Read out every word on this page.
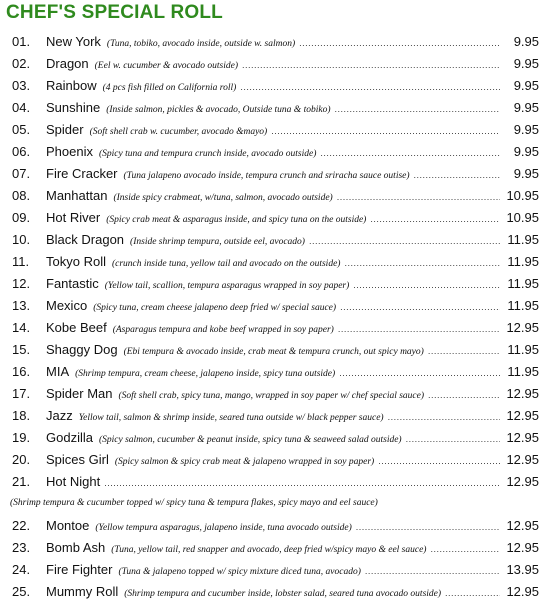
CHEF'S SPECIAL ROLL
01.	New York (Tuna, tobiko, avocado inside, outside w. salmon) .....	9.95
02.	Dragon (Eel w. cucumber & avocado outside) .....	9.95
03.	Rainbow (4 pcs fish filled on California roll) .....	9.95
04.	Sunshine (Inside salmon, pickles & avocado, Outside tuna & tobiko) .....	9.95
05.	Spider (Soft shell crab w. cucumber, avocado &mayo) .....	9.95
06.	Phoenix (Spicy tuna and tempura crunch inside, avocado outside) .....	9.95
07.	Fire Cracker (Tuna jalapeno avocado inside, tempura crunch and sriracha sauce outise) .....	9.95
08.	Manhattan (Inside spicy crabmeat, w/tuna, salmon, avocado outside) .....	10.95
09.	Hot River (Spicy crab meat & asparagus inside, and spicy tuna on the outside) .....	10.95
10.	Black Dragon (Inside shrimp tempura, outside eel, avocado) .....	11.95
11.	Tokyo Roll (crunch inside tuna, yellow tail and avocado on the outside) .....	11.95
12.	Fantastic (Yellow tail, scallion, tempura asparagus wrapped in soy paper) .....	11.95
13.	Mexico (Spicy tuna, cream cheese jalapeno deep fried w/ special sauce) .....	11.95
14.	Kobe Beef (Asparagus tempura and kobe beef wrapped in soy paper) .....	12.95
15.	Shaggy Dog (Ebi tempura & avocado inside, crab meat & tempura crunch, out spicy mayo) .....	11.95
16.	MIA (Shrimp tempura, cream cheese, jalapeno inside, spicy tuna outside) .....	11.95
17.	Spider Man (Soft shell crab, spicy tuna, mango, wrapped in soy paper w/ chef special sauce) .....	12.95
18.	Jazz Yellow tail, salmon & shrimp inside, seared tuna outside w/ black pepper sauce) .....	12.95
19.	Godzilla (Spicy salmon, cucumber & peanut inside, spicy tuna & seaweed salad outside) .....	12.95
20.	Spices Girl (Spicy salmon & spicy crab meat & jalapeno wrapped in soy paper) .....	12.95
21.	Hot Night .....	12.95
(Shrimp tempura & cucumber topped w/ spicy tuna & tempura flakes, spicy mayo and eel sauce)
22.	Montoe (Yellow tempura asparagus, jalapeno inside, tuna avocado outside) .....	12.95
23.	Bomb Ash (Tuna, yellow tail, red snapper and avocado, deep fried w/spicy mayo & eel sauce) .....	12.95
24.	Fire Fighter (Tuna & jalapeno topped w/ spicy mixture diced tuna, avocado) .....	13.95
25.	Mummy Roll (Shrimp tempura and cucumber inside, lobster salad, seared tuna avocado outside) .....	12.95
